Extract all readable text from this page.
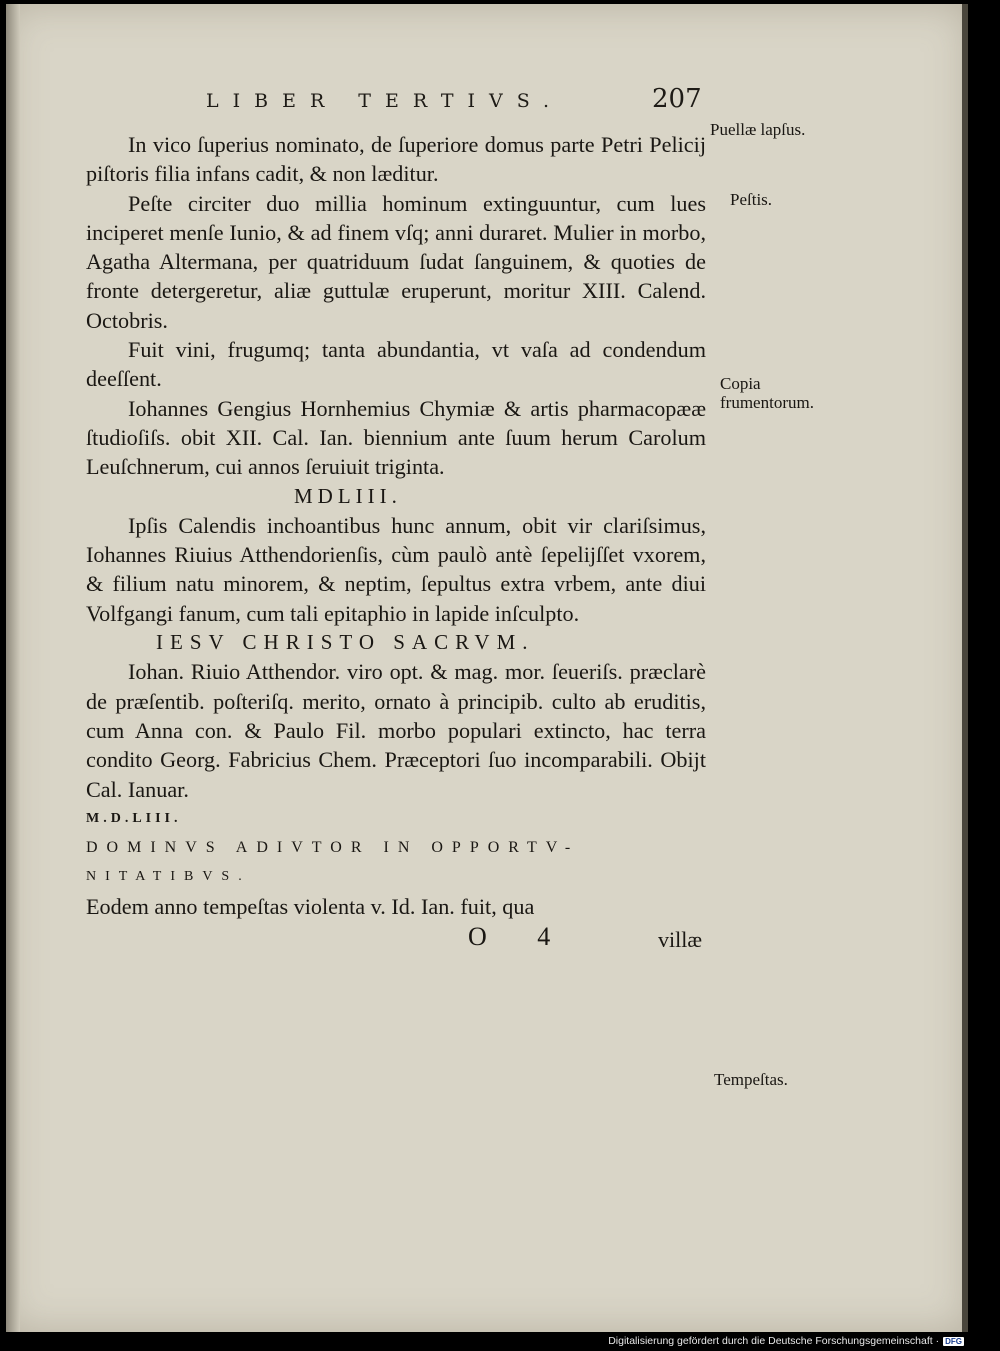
LIBER TERTIVS.	207

In vico ſuperius nominato, de ſuperiore domus parte Petri Pelicij piſtoris filia infans cadit, & non læditur.

Peſte circiter duo millia hominum extinguuntur, cum lues inciperet menſe Iunio, & ad finem vſq; anni duraret. Mulier in morbo, Agatha Altermana, per quatriduum ſudat ſanguinem, & quoties de fronte detergeretur, aliæ guttulæ eruperunt, moritur XIII. Calend. Octobris.

Fuit vini, frugumq; tanta abundantia, vt vaſa ad condendum deeſſent.

Iohannes Gengius Hornhemius Chymiæ & artis pharmacopææ ſtudioſiſs. obit XII. Cal. Ian. biennium ante ſuum herum Carolum Leuſchnerum, cui annos ſeruiuit triginta.

MDLIII.

Ipſis Calendis inchoantibus hunc annum, obit vir clariſsimus, Iohannes Riuius Atthendorienſis, cùm paulò antè ſepelijſſet vxorem, & filium natu minorem, & neptim, ſepultus extra vrbem, ante diui Volfgangi fanum, cum tali epitaphio in lapide inſculpto.

IESV CHRISTO SACRVM.

Iohan. Riuio Atthendor. viro opt. & mag. mor. ſeueriſs. præclarè de præſentib. poſteriſq. merito, ornato à principib. culto ab eruditis, cum Anna con. & Paulo Fil. morbo populari extincto, hac terra condito Georg. Fabricius Chem. Præceptori ſuo incomparabili. Obijt Cal. Ianuar.

M.D.LIII.

DOMINVS ADIVTOR IN OPPORTV-

NITATIBVS.

Eodem anno tempeſtas violenta v. Id. Ian. fuit, qua

O 4	villæ
Puellæ lapſus.
Peſtis.
Copia frumentorum.
Tempeſtas.
Digitalisierung gefördert durch die Deutsche Forschungsgemeinschaft · DFG
